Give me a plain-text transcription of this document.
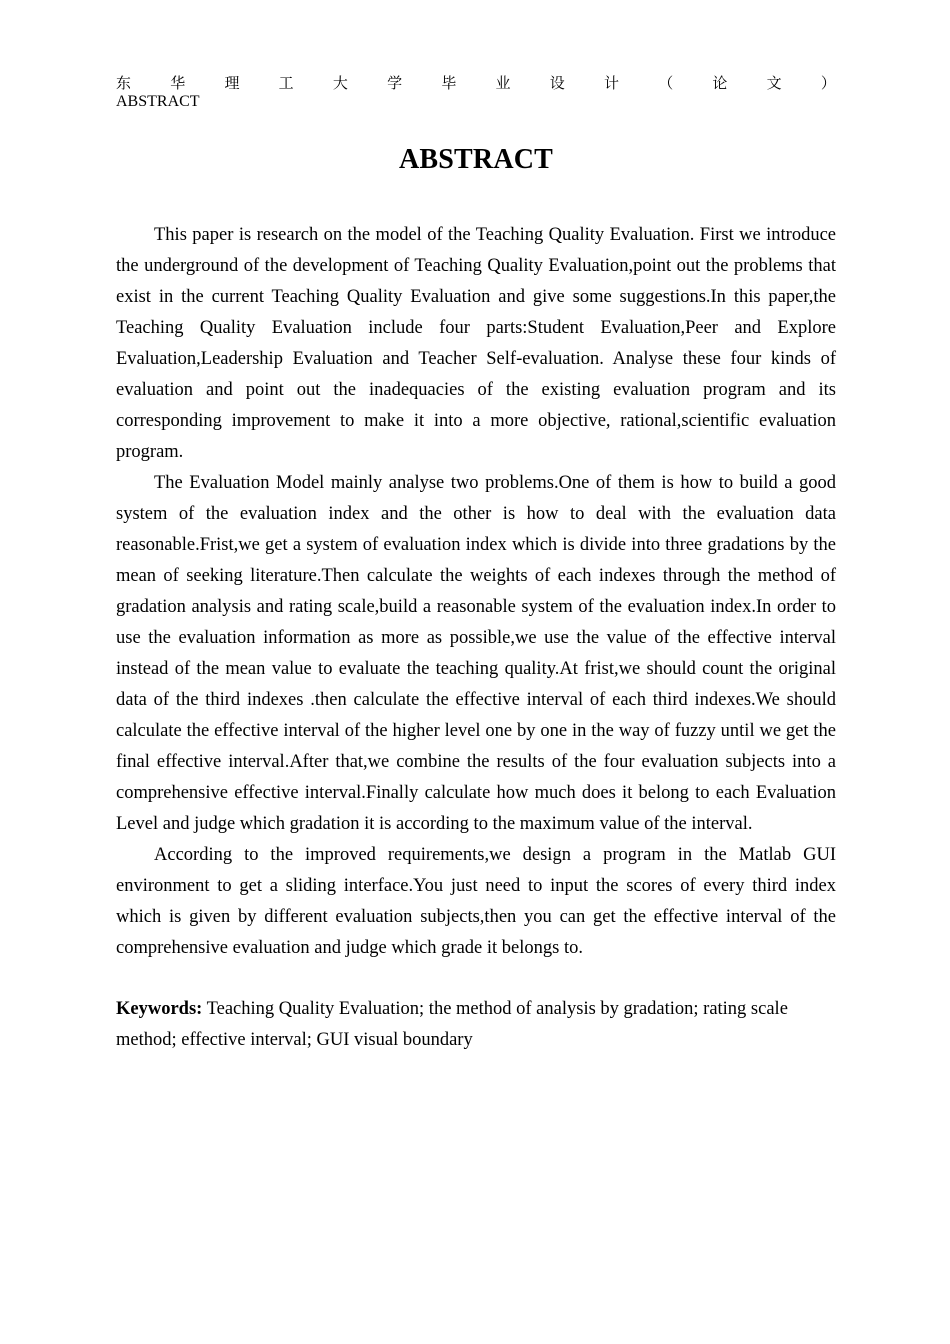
东	华	理	工	大	学	毕	业	设	计	（	论	文	）
ABSTRACT
ABSTRACT

This paper is research on the model of the Teaching Quality Evaluation. First we introduce the underground of the development of Teaching Quality Evaluation,point out the problems that exist in the current Teaching Quality Evaluation and give some suggestions.In this paper,the Teaching Quality Evaluation include four parts:Student Evaluation,Peer and Explore Evaluation,Leadership Evaluation and Teacher Self-evaluation. Analyse these four kinds of evaluation and point out the inadequacies of the existing evaluation program and its corresponding improvement to make it into a more objective, rational,scientific evaluation program.

The Evaluation Model mainly analyse two problems.One of them is how to build a good system of the evaluation index and the other is how to deal with the evaluation data reasonable.Frist,we get a system of evaluation index which is divide into three gradations by the mean of seeking literature.Then calculate the weights of each indexes through the method of gradation analysis and rating scale,build a reasonable system of the evaluation index.In order to use the evaluation information as more as possible,we use the value of the effective interval instead of the mean value to evaluate the teaching quality.At frist,we should count the original data of the third indexes .then calculate the effective interval of each third indexes.We should calculate the effective interval of the higher level one by one in the way of fuzzy until we get the final effective interval.After that,we combine the results of the four evaluation subjects into a comprehensive effective interval.Finally calculate how much does it belong to each Evaluation Level and judge which gradation it is according to the maximum value of the interval.

According to the improved requirements,we design a program in the Matlab GUI environment to get a sliding interface.You just need to input the scores of every third index which is given by different evaluation subjects,then you can get the effective interval of the comprehensive evaluation and judge which grade it belongs to.

Keywords: Teaching Quality Evaluation; the method of analysis by gradation; rating scale method; effective interval; GUI visual boundary
